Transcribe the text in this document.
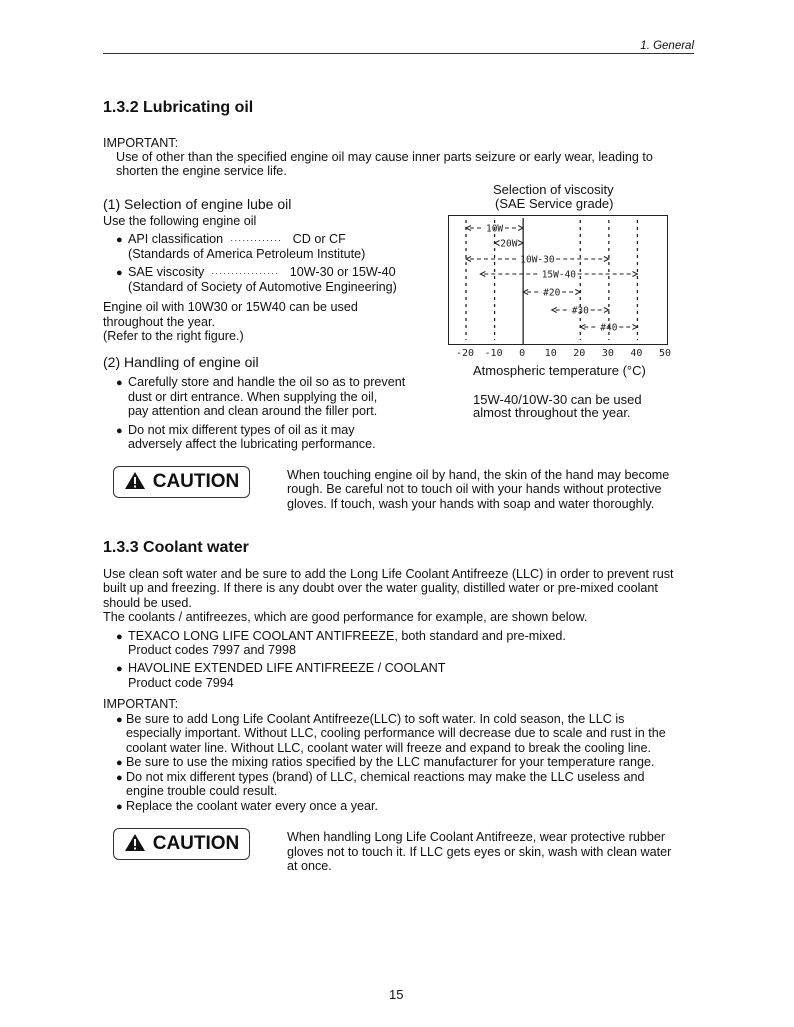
1. General
1.3.2 Lubricating oil
IMPORTANT:
Use of other than the specified engine oil may cause inner parts seizure or early wear, leading to
shorten the engine service life.
(1) Selection of engine lube oil
Use the following engine oil
● API classification  ·············   CD or CF
(Standards of America Petroleum Institute)
● SAE viscosity  ·················   10W-30 or 15W-40
(Standard of Society of Automotive Engineering)
Engine oil with 10W30 or 15W40 can be used
throughout the year.
(Refer to the right figure.)
(2) Handling of engine oil
● Carefully store and handle the oil so as to prevent
dust or dirt entrance. When supplying the oil,
pay attention and clean around the filler port.
● Do not mix different types of oil as it may
adversely affect the lubricating performance.
Selection of viscosity
(SAE Service grade)
10W
20W
10W-30
15W-40
#20
#30
#40
-20 -10 0 10 20 30 40 50
Atmospheric temperature (°C)
15W-40/10W-30 can be used
almost throughout the year.
CAUTION	When touching engine oil by hand, the skin of the hand may become
rough. Be careful not to touch oil with your hands without protective
gloves. If touch, wash your hands with soap and water thoroughly.
1.3.3 Coolant water
Use clean soft water and be sure to add the Long Life Coolant Antifreeze (LLC) in order to prevent rust
built up and freezing. If there is any doubt over the water guality, distilled water or pre-mixed coolant
should be used.
The coolants / antifreezes, which are good performance for example, are shown below.
● TEXACO LONG LIFE COOLANT ANTIFREEZE, both standard and pre-mixed.
Product codes 7997 and 7998
● HAVOLINE EXTENDED LIFE ANTIFREEZE / COOLANT
Product code 7994
IMPORTANT:
● Be sure to add Long Life Coolant Antifreeze(LLC) to soft water. In cold season, the LLC is
especially important. Without LLC, cooling performance will decrease due to scale and rust in the
coolant water line. Without LLC, coolant water will freeze and expand to break the cooling line.
● Be sure to use the mixing ratios specified by the LLC manufacturer for your temperature range.
● Do not mix different types (brand) of LLC, chemical reactions may make the LLC useless and
engine trouble could result.
● Replace the coolant water every once a year.
CAUTION	When handling Long Life Coolant Antifreeze, wear protective rubber
gloves not to touch it. If LLC gets eyes or skin, wash with clean water
at once.
15
